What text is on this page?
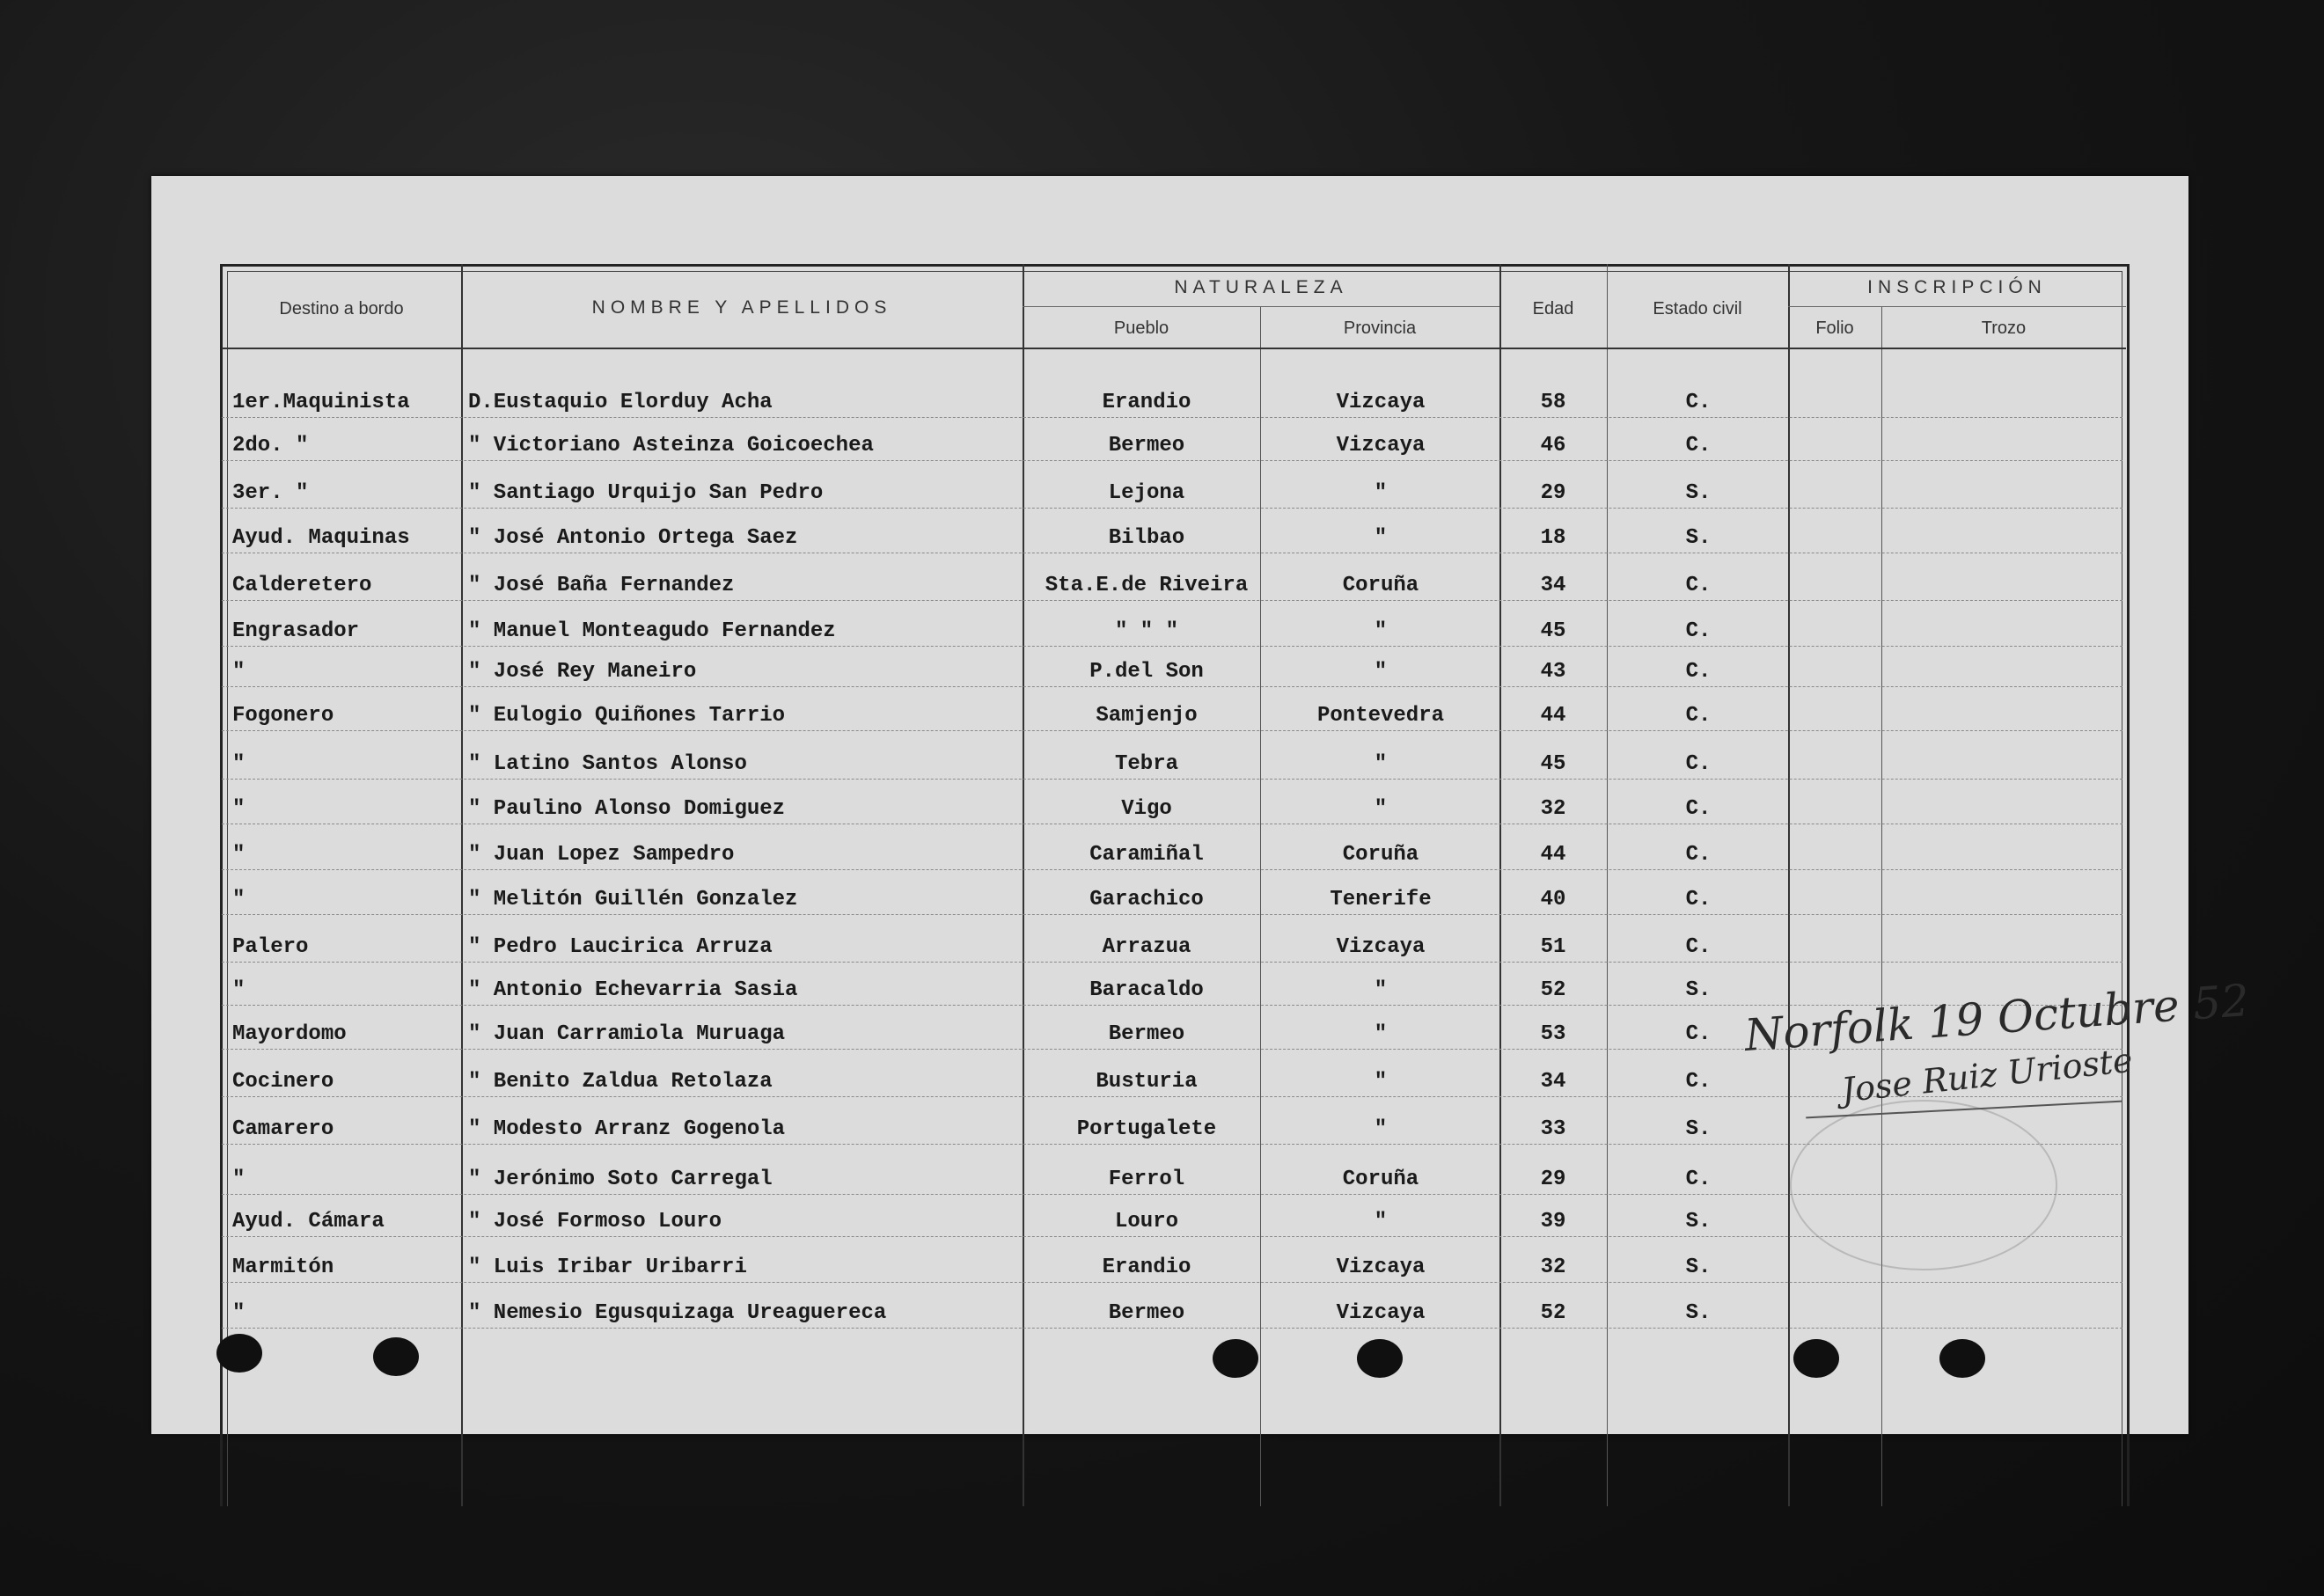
Destino a bordo	NOMBRE Y APELLIDOS
NATURALEZA
Pueblo	Provincia
Edad	Estado civil
INSCRIPCIÓN
Folio	Trozo
1er.Maquinista	D.Eustaquio Elorduy Acha	Erandio	Vizcaya	58	C.
2do. "	" Victoriano Asteinza Goicoechea	Bermeo	Vizcaya	46	C.
3er. "	" Santiago Urquijo San Pedro	Lejona	"	29	S.
Ayud. Maquinas	" José Antonio Ortega Saez	Bilbao	"	18	S.
Calderetero	" José Baña Fernandez	Sta.E.de Riveira	Coruña	34	C.
Engrasador	" Manuel Monteagudo Fernandez	" " "	"	45	C.
"	" José Rey Maneiro	P.del Son	"	43	C.
Fogonero	" Eulogio Quiñones Tarrio	Samjenjo	Pontevedra	44	C.
"	" Latino Santos Alonso	Tebra	"	45	C.
"	" Paulino Alonso Domiguez	Vigo	"	32	C.
"	" Juan Lopez Sampedro	Caramiñal	Coruña	44	C.
"	" Melitón Guillén Gonzalez	Garachico	Tenerife	40	C.
Palero	" Pedro Laucirica Arruza	Arrazua	Vizcaya	51	C.
"	" Antonio Echevarria Sasia	Baracaldo	"	52	S.
Mayordomo	" Juan Carramiola Muruaga	Bermeo	"	53	C.
Cocinero	" Benito Zaldua Retolaza	Busturia	"	34	C.
Camarero	" Modesto Arranz Gogenola	Portugalete	"	33	S.
"	" Jerónimo Soto Carregal	Ferrol	Coruña	29	C.
Ayud. Cámara	" José Formoso Louro	Louro	"	39	S.
Marmitón	" Luis Iribar Uribarri	Erandio	Vizcaya	32	S.
"	" Nemesio Egusquizaga Ureaguereca	Bermeo	Vizcaya	52	S.
Norfolk 19 Octubre 52
Jose Ruiz Urioste
